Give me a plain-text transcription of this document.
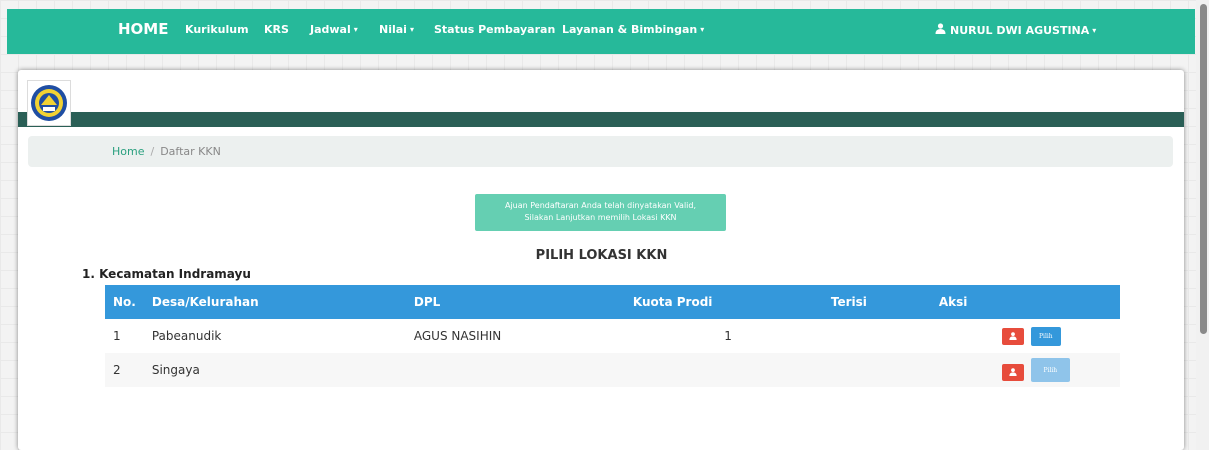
HOME Kurikulum KRS Jadwal ▾ Nilai ▾ Status Pembayaran Layanan & Bimbingan ▾	NURUL DWI AGUSTINA ▾
Home / Daftar KKN
Ajuan Pendaftaran Anda telah dinyatakan Valid,
Silakan Lanjutkan memilih Lokasi KKN
PILIH LOKASI KKN
1. Kecamatan Indramayu
No.	Desa/Kelurahan	DPL	Kuota Prodi	Terisi	Aksi
1	Pabeanudik	AGUS NASIHIN	1		Pilih

2	Singaya				Pilih
